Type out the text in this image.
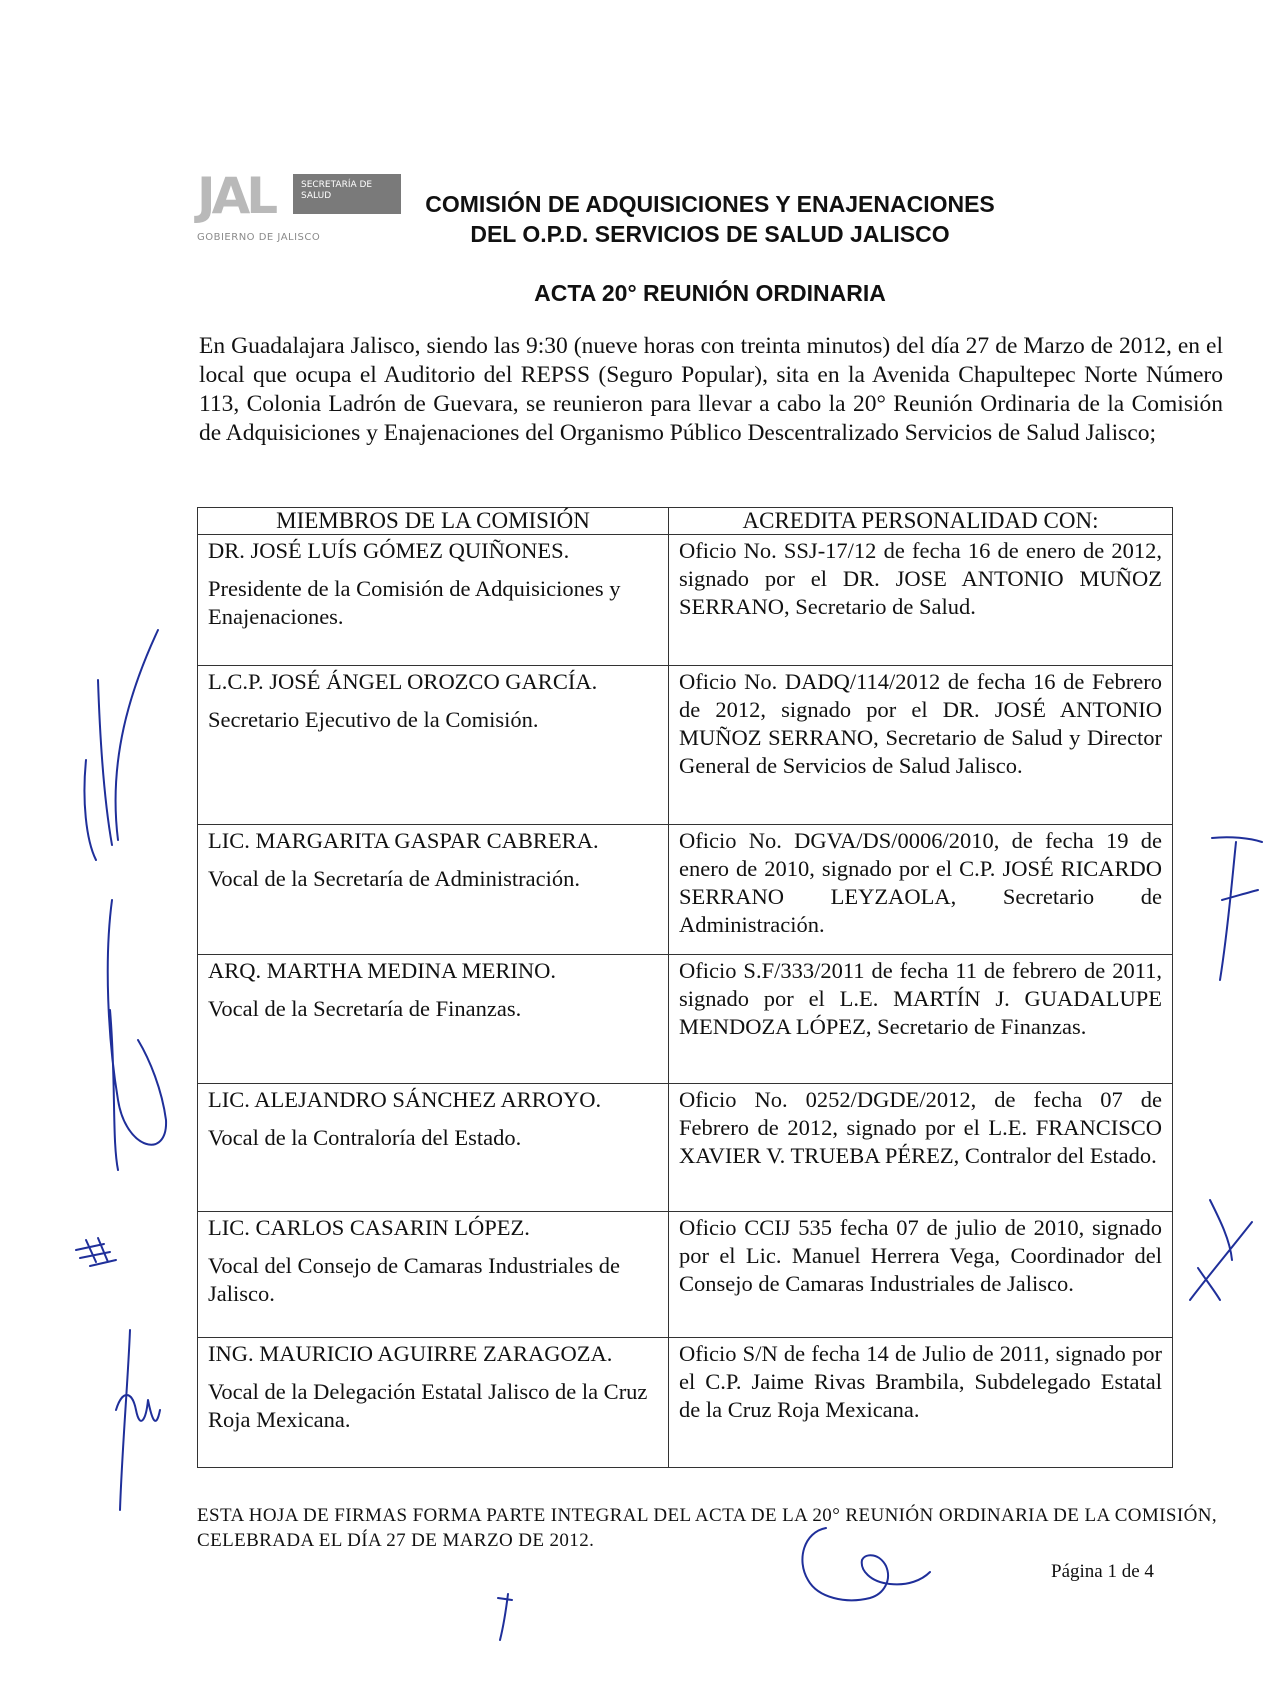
JAL	SECRETARÍA DE
SALUD
GOBIERNO DE JALISCO
COMISIÓN DE ADQUISICIONES Y ENAJENACIONES
DEL O.P.D. SERVICIOS DE SALUD JALISCO
ACTA 20° REUNIÓN ORDINARIA
En Guadalajara Jalisco, siendo las 9:30 (nueve horas con treinta minutos) del día 27 de Marzo de 2012, en el local que ocupa el Auditorio del REPSS (Seguro Popular), sita en la Avenida Chapultepec Norte Número 113, Colonia Ladrón de Guevara, se reunieron para llevar a cabo la 20° Reunión Ordinaria de la Comisión de Adquisiciones y Enajenaciones del Organismo Público Descentralizado Servicios de Salud Jalisco;
MIEMBROS DE LA COMISIÓN	ACREDITA PERSONALIDAD CON:

DR. JOSÉ LUÍS GÓMEZ QUIÑONES.
Presidente de la Comisión de Adquisiciones y Enajenaciones.	Oficio No. SSJ-17/12 de fecha 16 de enero de 2012, signado por el DR. JOSE ANTONIO MUÑOZ SERRANO, Secretario de Salud.

L.C.P. JOSÉ ÁNGEL OROZCO GARCÍA.
Secretario Ejecutivo de la Comisión.	Oficio No. DADQ/114/2012 de fecha 16 de Febrero de 2012, signado por el DR. JOSÉ ANTONIO MUÑOZ SERRANO, Secretario de Salud y Director General de Servicios de Salud Jalisco.

LIC. MARGARITA GASPAR CABRERA.
Vocal de la Secretaría de Administración.	Oficio No. DGVA/DS/0006/2010, de fecha 19 de enero de 2010, signado por el C.P. JOSÉ RICARDO SERRANO LEYZAOLA, Secretario de Administración.

ARQ. MARTHA MEDINA MERINO.
Vocal de la Secretaría de Finanzas.	Oficio S.F/333/2011 de fecha 11 de febrero de 2011, signado por el L.E. MARTÍN J. GUADALUPE MENDOZA LÓPEZ, Secretario de Finanzas.

LIC. ALEJANDRO SÁNCHEZ ARROYO.
Vocal de la Contraloría del Estado.	Oficio No. 0252/DGDE/2012, de fecha 07 de Febrero de 2012, signado por el L.E. FRANCISCO XAVIER V. TRUEBA PÉREZ, Contralor del Estado.

LIC. CARLOS CASARIN LÓPEZ.
Vocal del Consejo de Camaras Industriales de Jalisco.	Oficio CCIJ 535 fecha 07 de julio de 2010, signado por el Lic. Manuel Herrera Vega, Coordinador del Consejo de Camaras Industriales de Jalisco.

ING. MAURICIO AGUIRRE ZARAGOZA.
Vocal de la Delegación Estatal Jalisco de la Cruz Roja Mexicana.	Oficio S/N de fecha 14 de Julio de 2011, signado por el C.P. Jaime Rivas Brambila, Subdelegado Estatal de la Cruz Roja Mexicana.
ESTA HOJA DE FIRMAS FORMA PARTE INTEGRAL DEL ACTA DE LA 20° REUNIÓN ORDINARIA DE LA COMISIÓN, CELEBRADA EL DÍA 27 DE MARZO DE 2012.
Página 1 de 4
